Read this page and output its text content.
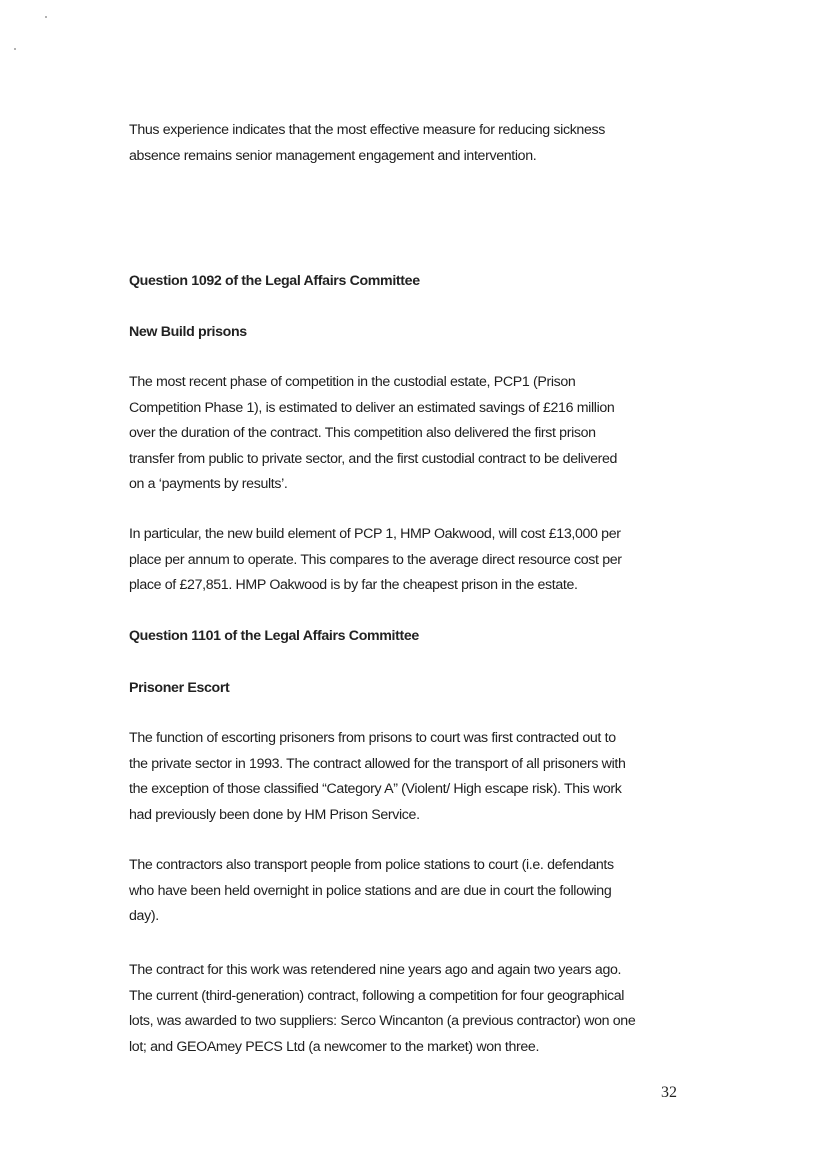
Thus experience indicates that the most effective measure for reducing sickness
absence remains senior management engagement and intervention.

Question 1092 of the Legal Affairs Committee

New Build prisons

The most recent phase of competition in the custodial estate, PCP1 (Prison
Competition Phase 1), is estimated to deliver an estimated savings of £216 million
over the duration of the contract. This competition also delivered the first prison
transfer from public to private sector, and the first custodial contract to be delivered
on a ‘payments by results’.

In particular, the new build element of PCP 1, HMP Oakwood, will cost £13,000 per
place per annum to operate. This compares to the average direct resource cost per
place of £27,851. HMP Oakwood is by far the cheapest prison in the estate.

Question 1101 of the Legal Affairs Committee

Prisoner Escort

The function of escorting prisoners from prisons to court was first contracted out to
the private sector in 1993. The contract allowed for the transport of all prisoners with
the exception of those classified “Category A” (Violent/ High escape risk). This work
had previously been done by HM Prison Service.

The contractors also transport people from police stations to court (i.e. defendants
who have been held overnight in police stations and are due in court the following
day).

The contract for this work was retendered nine years ago and again two years ago.
The current (third-generation) contract, following a competition for four geographical
lots, was awarded to two suppliers: Serco Wincanton (a previous contractor) won one
lot; and GEOAmey PECS Ltd (a newcomer to the market) won three.

32
